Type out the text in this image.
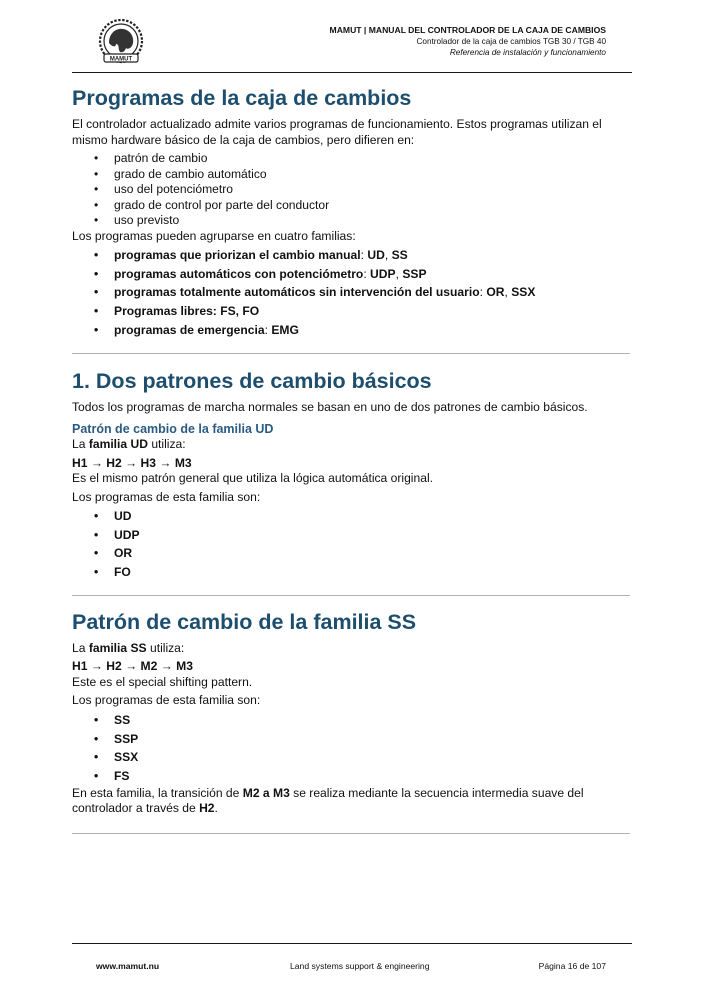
MAMUT
MAMUT | MANUAL DEL CONTROLADOR DE LA CAJA DE CAMBIOS
Controlador de la caja de cambios TGB 30 / TGB 40
Referencia de instalación y funcionamiento
Programas de la caja de cambios

El controlador actualizado admite varios programas de funcionamiento. Estos programas utilizan el mismo hardware básico de la caja de cambios, pero difieren en:

• patrón de cambio
• grado de cambio automático
• uso del potenciómetro
• grado de control por parte del conductor
• uso previsto

Los programas pueden agruparse en cuatro familias:

• programas que priorizan el cambio manual: UD, SS
• programas automáticos con potenciómetro: UDP, SSP
• programas totalmente automáticos sin intervención del usuario: OR, SSX
• Programas libres: FS, FO
• programas de emergencia: EMG
1. Dos patrones de cambio básicos

Todos los programas de marcha normales se basan en uno de dos patrones de cambio básicos.

Patrón de cambio de la familia UD

La familia UD utiliza:

H1 → H2 → H3 → M3

Es el mismo patrón general que utiliza la lógica automática original.

Los programas de esta familia son:

• UD
• UDP
• OR
• FO
Patrón de cambio de la familia SS

La familia SS utiliza:

H1 → H2 → M2 → M3

Este es el special shifting pattern.

Los programas de esta familia son:

• SS
• SSP
• SSX
• FS

En esta familia, la transición de M2 a M3 se realiza mediante la secuencia intermedia suave del controlador a través de H2.

www.mamut.nu	Land systems support & engineering	Página 16 de 107
